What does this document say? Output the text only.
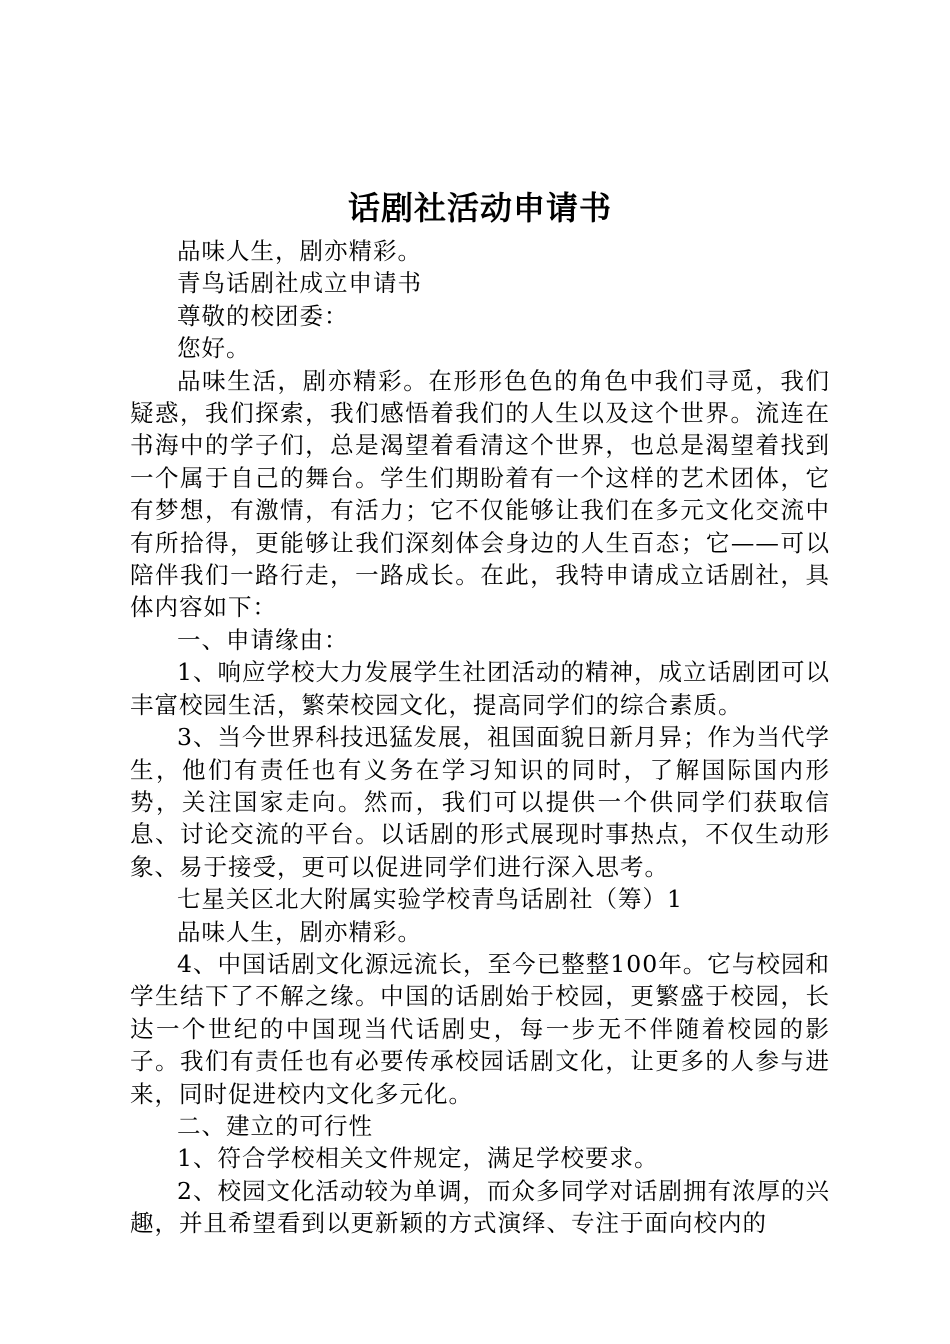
话剧社活动申请书

品味人生，剧亦精彩。

青鸟话剧社成立申请书

尊敬的校团委：

您好。

品味生活，剧亦精彩。在形形色色的角色中我们寻觅，我们疑惑，我们探索，我们感悟着我们的人生以及这个世界。流连在书海中的学子们，总是渴望着看清这个世界，也总是渴望着找到一个属于自己的舞台。学生们期盼着有一个这样的艺术团体，它有梦想，有激情，有活力；它不仅能够让我们在多元文化交流中有所拾得，更能够让我们深刻体会身边的人生百态；它——可以陪伴我们一路行走，一路成长。在此，我特申请成立话剧社，具体内容如下：

一、申请缘由：

1、响应学校大力发展学生社团活动的精神，成立话剧团可以丰富校园生活，繁荣校园文化，提高同学们的综合素质。

3、当今世界科技迅猛发展，祖国面貌日新月异；作为当代学生，他们有责任也有义务在学习知识的同时，了解国际国内形势，关注国家走向。然而，我们可以提供一个供同学们获取信息、讨论交流的平台。以话剧的形式展现时事热点，不仅生动形象、易于接受，更可以促进同学们进行深入思考。

七星关区北大附属实验学校青鸟话剧社（筹）1

品味人生，剧亦精彩。

4、中国话剧文化源远流长，至今已整整100年。它与校园和学生结下了不解之缘。中国的话剧始于校园，更繁盛于校园，长达一个世纪的中国现当代话剧史，每一步无不伴随着校园的影子。我们有责任也有必要传承校园话剧文化，让更多的人参与进来，同时促进校内文化多元化。

二、建立的可行性

1、符合学校相关文件规定，满足学校要求。

2、校园文化活动较为单调，而众多同学对话剧拥有浓厚的兴趣，并且希望看到以更新颖的方式演绎、专注于面向校内的
